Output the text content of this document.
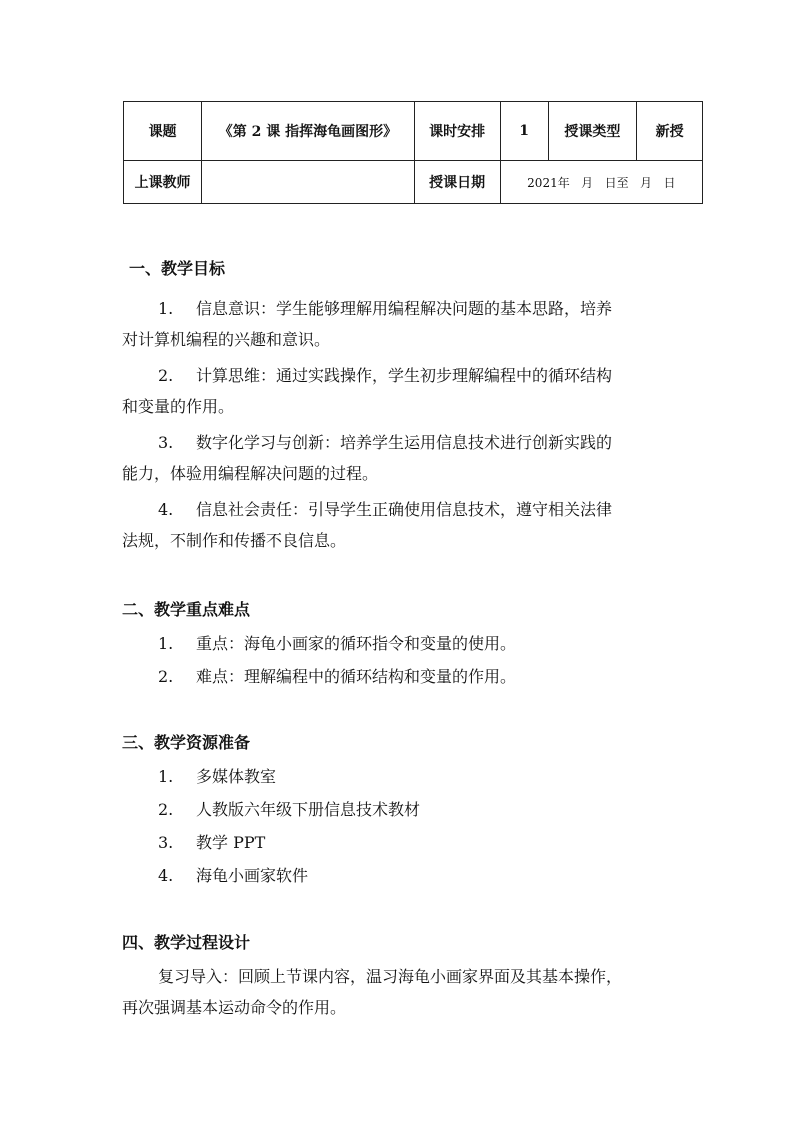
课题	《第 2 课 指挥海龟画图形》	课时安排	1	授课类型	新授
上课教师		授课日期	2021年   月   日至   月   日		
一、教学目标

1. 信息意识：学生能够理解用编程解决问题的基本思路，培养

对计算机编程的兴趣和意识。

2. 计算思维：通过实践操作，学生初步理解编程中的循环结构

和变量的作用。

3. 数字化学习与创新：培养学生运用信息技术进行创新实践的

能力，体验用编程解决问题的过程。

4. 信息社会责任：引导学生正确使用信息技术，遵守相关法律

法规，不制作和传播不良信息。

二、教学重点难点

1. 重点：海龟小画家的循环指令和变量的使用。

2. 难点：理解编程中的循环结构和变量的作用。

三、教学资源准备

1. 多媒体教室

2. 人教版六年级下册信息技术教材

3. 教学 PPT

4. 海龟小画家软件

四、教学过程设计

复习导入：回顾上节课内容，温习海龟小画家界面及其基本操作，

再次强调基本运动命令的作用。
